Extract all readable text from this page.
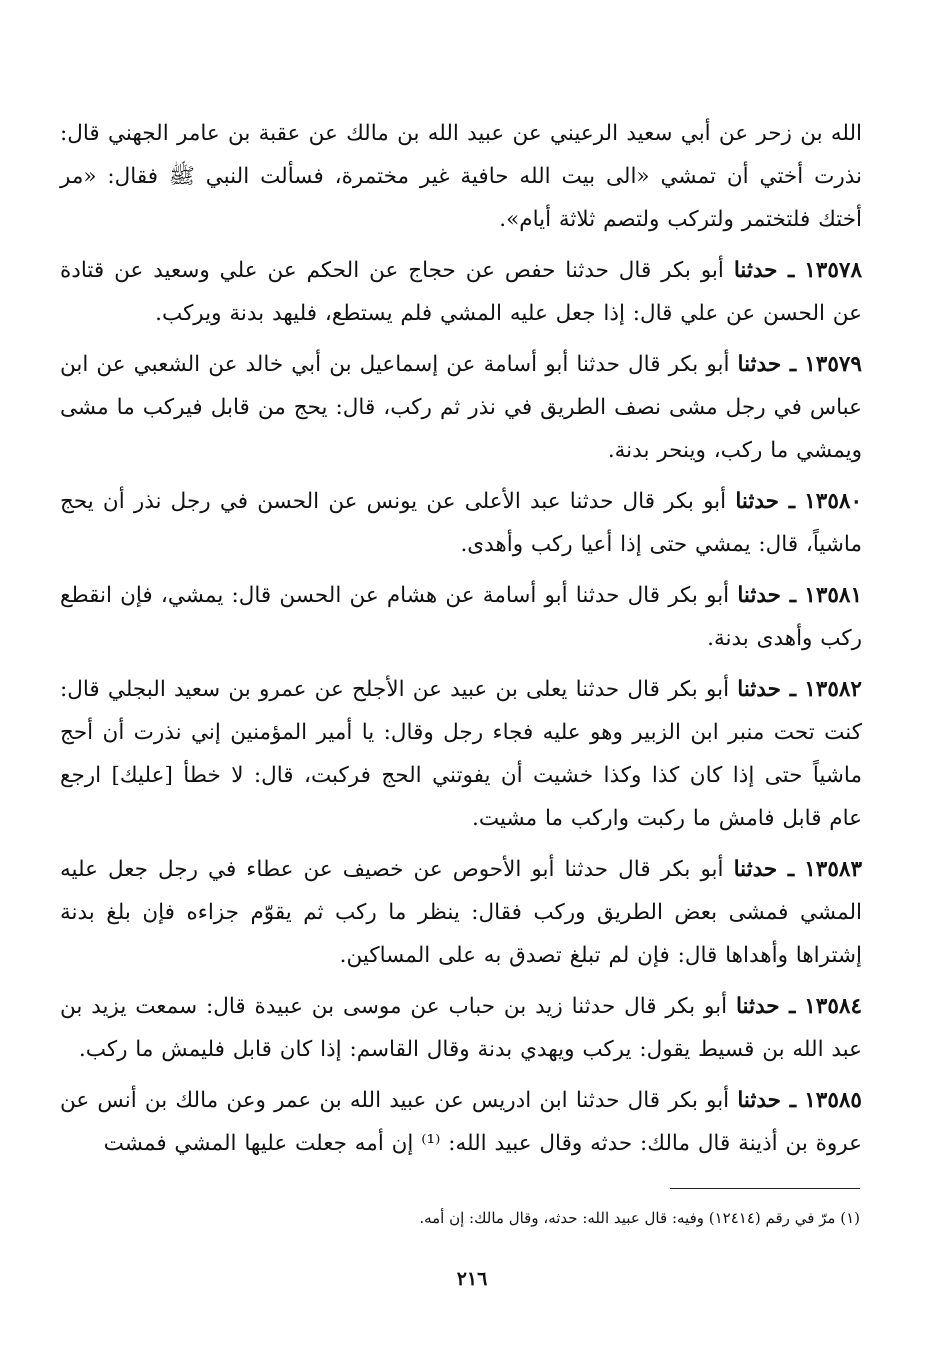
الله بن زحر عن أبي سعيد الرعيني عن عبيد الله بن مالك عن عقبة بن عامر الجهني قال: نذرت أختي أن تمشي «الى بيت الله حافية غير مختمرة، فسألت النبي ﷺ فقال: «مر أختك فلتختمر ولتركب ولتصم ثلاثة أيام».

١٣٥٧٨ ـ حدثنا أبو بكر قال حدثنا حفص عن حجاج عن الحكم عن علي وسعيد عن قتادة عن الحسن عن علي قال: إذا جعل عليه المشي فلم يستطع، فليهد بدنة ويركب.

١٣٥٧٩ ـ حدثنا أبو بكر قال حدثنا أبو أسامة عن إسماعيل بن أبي خالد عن الشعبي عن ابن عباس في رجل مشى نصف الطريق في نذر ثم ركب، قال: يحج من قابل فيركب ما مشى ويمشي ما ركب، وينحر بدنة.

١٣٥٨٠ ـ حدثنا أبو بكر قال حدثنا عبد الأعلى عن يونس عن الحسن في رجل نذر أن يحج ماشياً، قال: يمشي حتى إذا أعيا ركب وأهدى.

١٣٥٨١ ـ حدثنا أبو بكر قال حدثنا أبو أسامة عن هشام عن الحسن قال: يمشي، فإن انقطع ركب وأهدى بدنة.

١٣٥٨٢ ـ حدثنا أبو بكر قال حدثنا يعلى بن عبيد عن الأجلح عن عمرو بن سعيد البجلي قال: كنت تحت منبر ابن الزبير وهو عليه فجاء رجل وقال: يا أمير المؤمنين إني نذرت أن أحج ماشياً حتى إذا كان كذا وكذا خشيت أن يفوتني الحج فركبت، قال: لا خطأ [عليك] ارجع عام قابل فامش ما ركبت واركب ما مشيت.

١٣٥٨٣ ـ حدثنا أبو بكر قال حدثنا أبو الأحوص عن خصيف عن عطاء في رجل جعل عليه المشي فمشى بعض الطريق وركب فقال: ينظر ما ركب ثم يقوّم جزاءه فإن بلغ بدنة إشتراها وأهداها قال: فإن لم تبلغ تصدق به على المساكين.

١٣٥٨٤ ـ حدثنا أبو بكر قال حدثنا زيد بن حباب عن موسى بن عبيدة قال: سمعت يزيد بن عبد الله بن قسيط يقول: يركب ويهدي بدنة وقال القاسم: إذا كان قابل فليمش ما ركب.

١٣٥٨٥ ـ حدثنا أبو بكر قال حدثنا ابن ادريس عن عبيد الله بن عمر وعن مالك بن أنس عن عروة بن أذينة قال مالك: حدثه وقال عبيد الله: ⁽¹⁾ إن أمه جعلت عليها المشي فمشت

(١) مرّ في رقم (١٢٤١٤) وفيه: قال عبيد الله: حدثه، وقال مالك: إن أمه.
٢١٦
